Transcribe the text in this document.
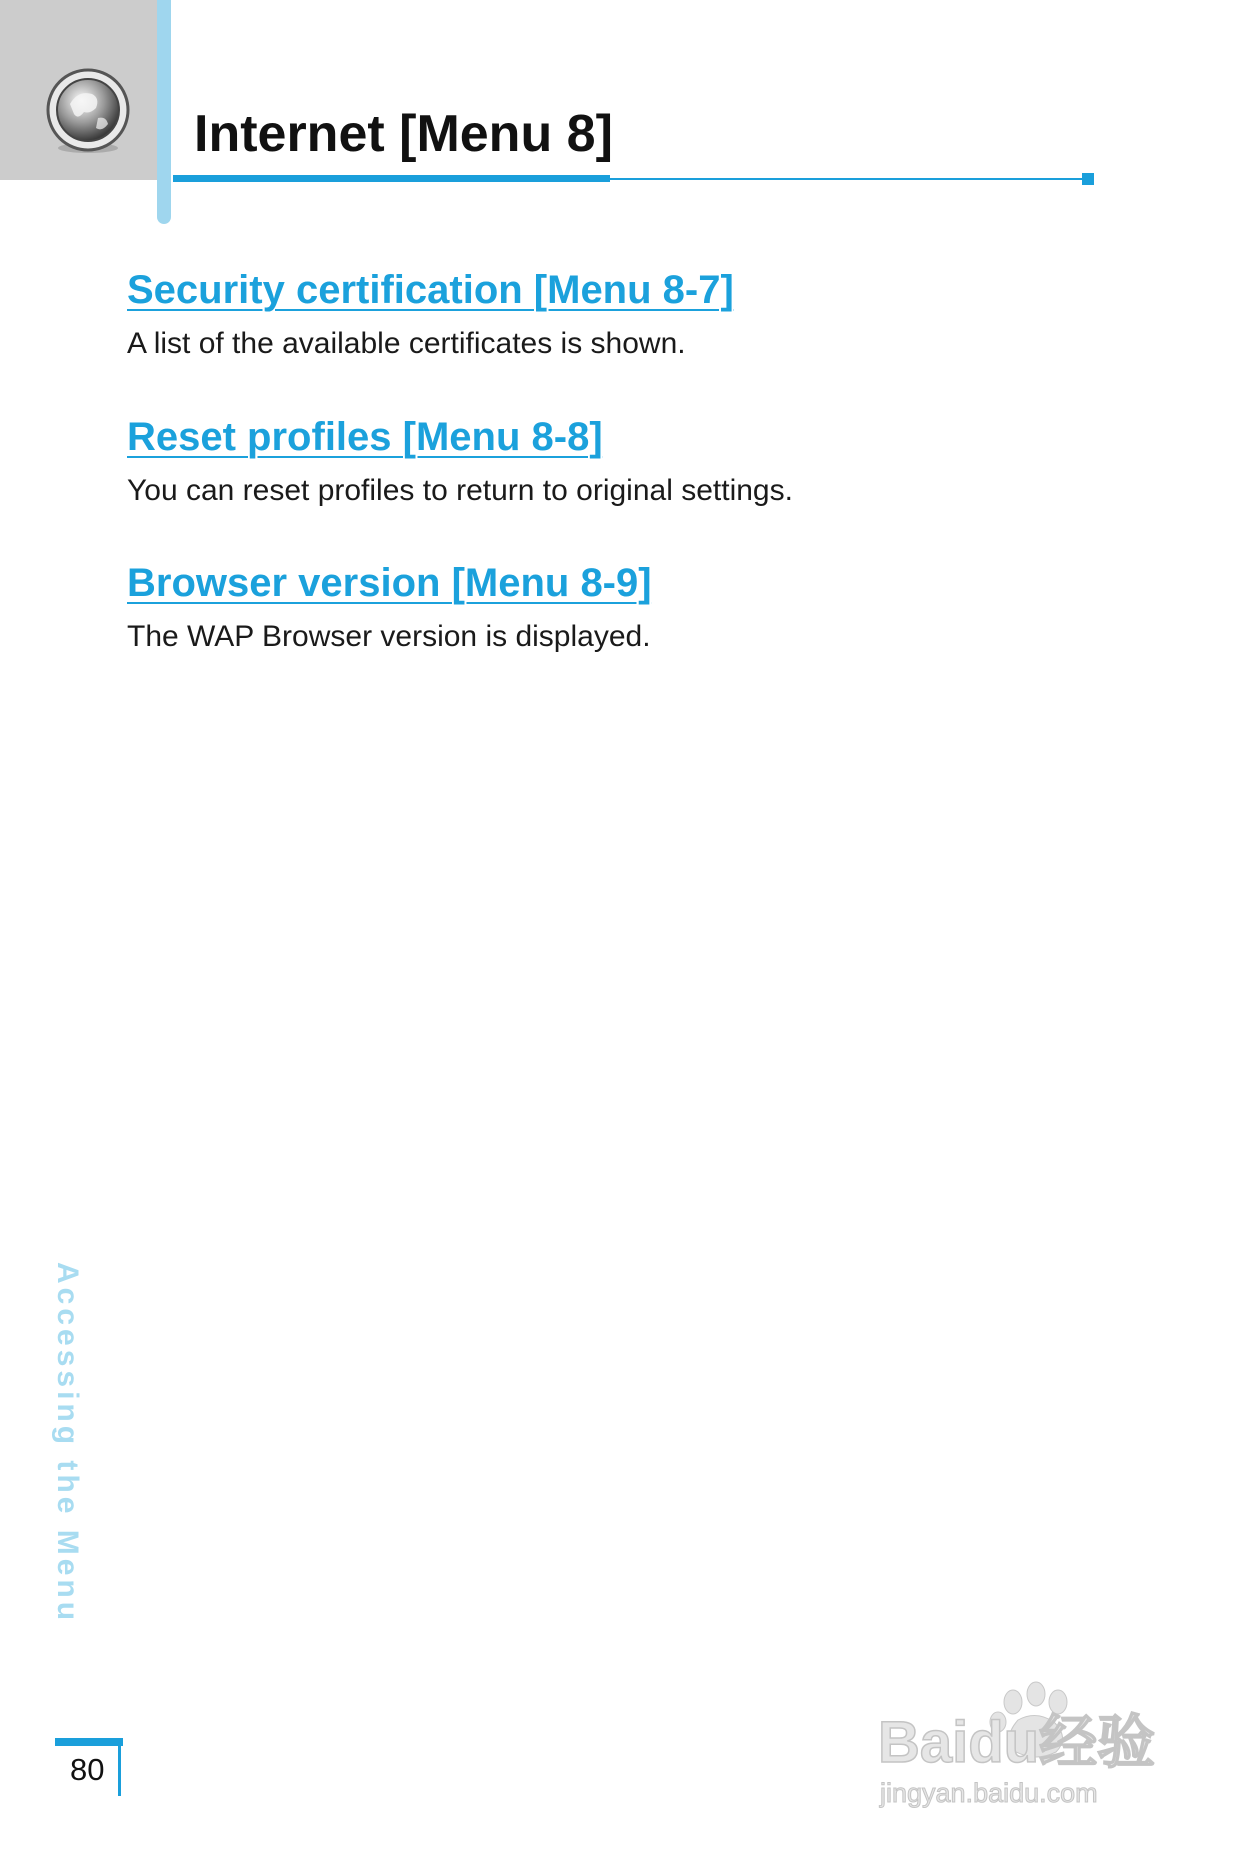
Internet [Menu 8]
Security certification [Menu 8-7]

A list of the available certificates is shown.

Reset profiles [Menu 8-8]

You can reset profiles to return to original settings.

Browser version [Menu 8-9]

The WAP Browser version is displayed.

Accessing the Menu
80	Baidu经验
jingyan.baidu.com
